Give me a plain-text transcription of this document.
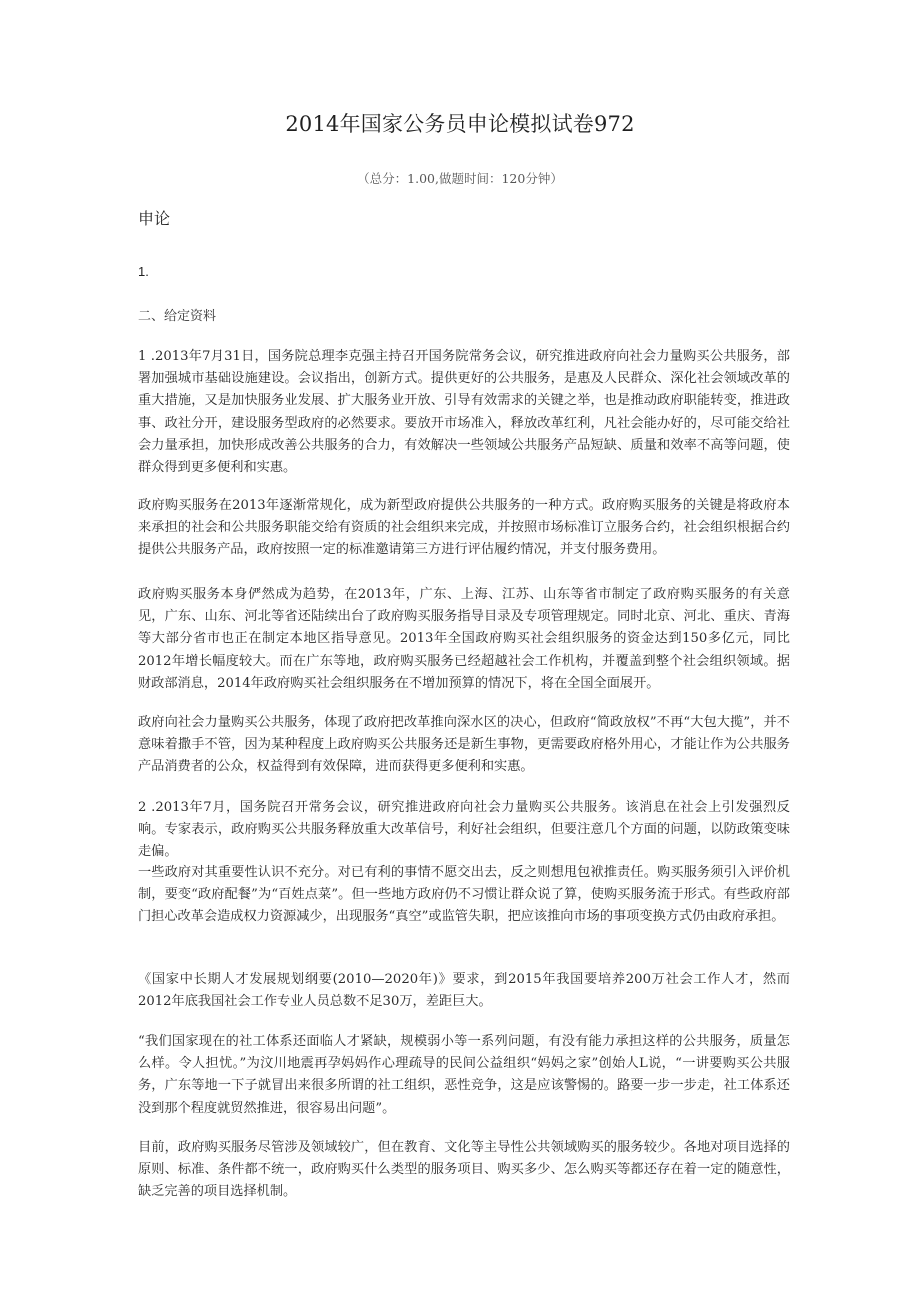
2014年国家公务员申论模拟试卷972
（总分：1.00,做题时间：120分钟）
申论
1.
二、给定资料
1 .2013年7月31日，国务院总理李克强主持召开国务院常务会议，研究推进政府向社会力量购买公共服务，部署加强城市基础设施建设。会议指出，创新方式。提供更好的公共服务，是惠及人民群众、深化社会领域改革的重大措施，又是加快服务业发展、扩大服务业开放、引导有效需求的关键之举，也是推动政府职能转变，推进政事、政社分开，建设服务型政府的必然要求。要放开市场准入，释放改革红利，凡社会能办好的，尽可能交给社会力量承担，加快形成改善公共服务的合力，有效解决一些领域公共服务产品短缺、质量和效率不高等问题，使群众得到更多便利和实惠。
政府购买服务在2013年逐渐常规化，成为新型政府提供公共服务的一种方式。政府购买服务的关键是将政府本来承担的社会和公共服务职能交给有资质的社会组织来完成，并按照市场标准订立服务合约，社会组织根据合约提供公共服务产品，政府按照一定的标准邀请第三方进行评估履约情况，并支付服务费用。
政府购买服务本身俨然成为趋势，在2013年，广东、上海、江苏、山东等省市制定了政府购买服务的有关意见，广东、山东、河北等省还陆续出台了政府购买服务指导目录及专项管理规定。同时北京、河北、重庆、青海等大部分省市也正在制定本地区指导意见。2013年全国政府购买社会组织服务的资金达到150多亿元，同比2012年增长幅度较大。而在广东等地，政府购买服务已经超越社会工作机构，并覆盖到整个社会组织领域。据财政部消息，2014年政府购买社会组织服务在不增加预算的情况下，将在全国全面展开。
政府向社会力量购买公共服务，体现了政府把改革推向深水区的决心，但政府“简政放权”不再“大包大揽”，并不意味着撒手不管，因为某种程度上政府购买公共服务还是新生事物，更需要政府格外用心，才能让作为公共服务产品消费者的公众，权益得到有效保障，进而获得更多便利和实惠。
2 .2013年7月，国务院召开常务会议，研究推进政府向社会力量购买公共服务。该消息在社会上引发强烈反响。专家表示，政府购买公共服务释放重大改革信号，利好社会组织，但要注意几个方面的问题，以防政策变味走偏。
一些政府对其重要性认识不充分。对已有利的事情不愿交出去，反之则想甩包袱推责任。购买服务须引入评价机制，要变“政府配餐”为“百姓点菜”。但一些地方政府仍不习惯让群众说了算，使购买服务流于形式。有些政府部门担心改革会造成权力资源减少，出现服务“真空”或监管失职，把应该推向市场的事项变换方式仍由政府承担。
《国家中长期人才发展规划纲要(2010—2020年)》要求，到2015年我国要培养200万社会工作人才，然而2012年底我国社会工作专业人员总数不足30万，差距巨大。
“我们国家现在的社工体系还面临人才紧缺，规模弱小等一系列问题，有没有能力承担这样的公共服务，质量怎么样。令人担忧。”为汶川地震再孕妈妈作心理疏导的民间公益组织“妈妈之家”创始人L说，“一讲要购买公共服务，广东等地一下子就冒出来很多所谓的社工组织，恶性竞争，这是应该警惕的。路要一步一步走，社工体系还没到那个程度就贸然推进，很容易出问题”。
目前，政府购买服务尽管涉及领域较广，但在教育、文化等主导性公共领域购买的服务较少。各地对项目选择的原则、标准、条件都不统一，政府购买什么类型的服务项目、购买多少、怎么购买等都还存在着一定的随意性，缺乏完善的项目选择机制。
